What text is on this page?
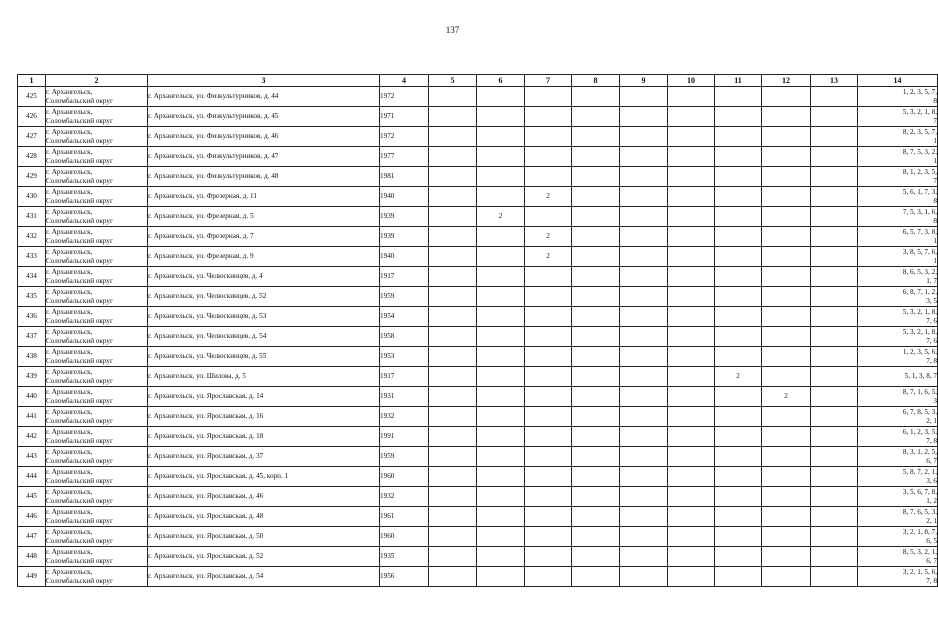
137
1	2	3	4	5	6	7	8	9	10	11	12	13	14
425	г. Архангельск,
Соломбальский округ	г. Архангельск, ул. Физкультурников, д. 44	1972										1, 2, 3, 5, 7,
8

426	г. Архангельск,
Соломбальский округ	г. Архангельск, ул. Физкультурников, д. 45	1971										5, 3, 2, 1, 8,
7

427	г. Архангельск,
Соломбальский округ	г. Архангельск, ул. Физкультурников, д. 46	1972										8, 2, 3, 5, 7,
1

428	г. Архангельск,
Соломбальский округ	г. Архангельск, ул. Физкультурников, д. 47	1977										8, 7, 5, 3, 2,
1

429	г. Архангельск,
Соломбальский округ	г. Архангельск, ул. Физкультурников, д. 48	1981										8, 1, 2, 3, 5,
7

430	г. Архангельск,
Соломбальский округ	г. Архангельск, ул. Фрезерная, д. 11	1940			2							5, 6, 1, 7, 3,
8

431	г. Архангельск,
Соломбальский округ	г. Архангельск, ул. Фрезерная, д. 5	1939		2								7, 5, 3, 1, 6,
8

432	г. Архангельск,
Соломбальский округ	г. Архангельск, ул. Фрезерная, д. 7	1939			2							6, 5, 7, 3, 8,
1

433	г. Архангельск,
Соломбальский округ	г. Архангельск, ул. Фрезерная, д. 9	1940			2							3, 8, 5, 7, 6,
1

434	г. Архангельск,
Соломбальский округ	г. Архангельск, ул. Челюскинцев, д. 4	1917										8, 6, 5, 3, 2,
1, 7

435	г. Архангельск,
Соломбальский округ	г. Архангельск, ул. Челюскинцев, д. 52	1959										6, 8, 7, 1, 2,
3, 5

436	г. Архангельск,
Соломбальский округ	г. Архангельск, ул. Челюскинцев, д. 53	1954										5, 3, 2, 1, 8,
7, 6

437	г. Архангельск,
Соломбальский округ	г. Архангельск, ул. Челюскинцев, д. 54	1958										5, 3, 2, 1, 8,
7, 6

438	г. Архангельск,
Соломбальский округ	г. Архангельск, ул. Челюскинцев, д. 55	1953										1, 2, 3, 5, 6,
7, 8

439	г. Архангельск,
Соломбальский округ	г. Архангельск, ул. Шилова, д. 5	1917							2			5, 1, 3, 8, 7

440	г. Архангельск,
Соломбальский округ	г. Архангельск, ул. Ярославская, д. 14	1931								2		8, 7, 1, 6, 5,
3

441	г. Архангельск,
Соломбальский округ	г. Архангельск, ул. Ярославская, д. 16	1932										6, 7, 8, 5, 3,
2, 1

442	г. Архангельск,
Соломбальский округ	г. Архангельск, ул. Ярославская, д. 18	1991										6, 1, 2, 3, 5,
7, 8

443	г. Архангельск,
Соломбальский округ	г. Архангельск, ул. Ярославская, д. 37	1959										8, 3, 1, 2, 5,
6, 7

444	г. Архангельск,
Соломбальский округ	г. Архангельск, ул. Ярославская, д. 45, корп. 1	1960										5, 8, 7, 2, 1,
3, 6

445	г. Архангельск,
Соломбальский округ	г. Архангельск, ул. Ярославская, д. 46	1932										3, 5, 6, 7, 8,
1, 2

446	г. Архангельск,
Соломбальский округ	г. Архангельск, ул. Ярославская, д. 48	1961										8, 7, 6, 5, 3,
2, 1

447	г. Архангельск,
Соломбальский округ	г. Архангельск, ул. Ярославская, д. 50	1960										3, 2, 1, 8, 7,
6, 5

448	г. Архангельск,
Соломбальский округ	г. Архангельск, ул. Ярославская, д. 52	1935										8, 5, 3, 2, 1,
6, 7

449	г. Архангельск,
Соломбальский округ	г. Архангельск, ул. Ярославская, д. 54	1956										3, 2, 1, 5, 6,
7, 8
